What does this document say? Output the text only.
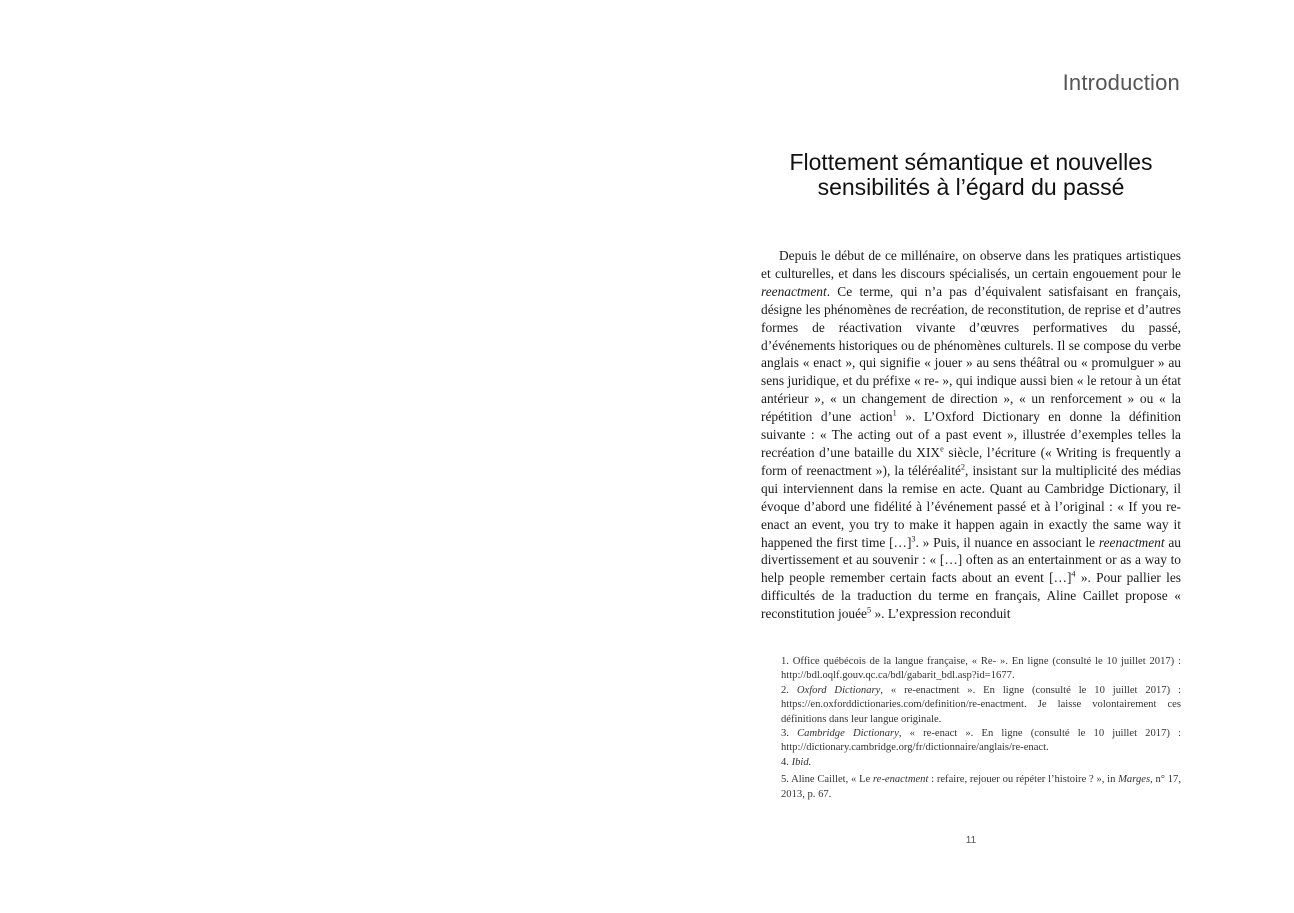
Introduction
Flottement sémantique et nouvelles
sensibilités à l’égard du passé

Depuis le début de ce millénaire, on observe dans les pratiques artistiques et culturelles, et dans les discours spécialisés, un certain engouement pour le reenactment. Ce terme, qui n’a pas d’équivalent satisfaisant en français, désigne les phénomènes de recréation, de reconstitution, de reprise et d’autres formes de réactivation vivante d’œuvres performatives du passé, d’événements historiques ou de phénomènes culturels. Il se compose du verbe anglais « enact », qui signifie « jouer » au sens théâtral ou « promulguer » au sens juridique, et du préfixe « re- », qui indique aussi bien « le retour à un état antérieur », « un changement de direction », « un renforcement » ou « la répétition d’une action$^1$ ». L’Oxford Dictionary en donne la définition suivante : « The acting out of a past event », illustrée d’exemples telles la recréation d’une bataille du XIXe siècle, l’écriture (« Writing is frequently a form of reenactment »), la téléréalité$^2$, insistant sur la multiplicité des médias qui interviennent dans la remise en acte. Quant au Cambridge Dictionary, il évoque d’abord une fidélité à l’événement passé et à l’original : « If you re-enact an event, you try to make it happen again in exactly the same way it happened the first time […]$^3$. » Puis, il nuance en associant le reenactment au divertissement et au souvenir : « […] often as an entertainment or as a way to help people remember certain facts about an event […]$^4$ ». Pour pallier les difficultés de la traduction du terme en français, Aline Caillet propose « reconstitution jouée$^5$ ». L’expression reconduit

1. Office québécois de la langue française, « Re- ». En ligne (consulté le 10 juillet 2017) : http://bdl.oqlf.gouv.qc.ca/bdl/gabarit_bdl.asp?id=1677.
2. Oxford Dictionary, « re-enactment ». En ligne (consulté le 10 juillet 2017) : https://en.oxforddictionaries.com/definition/re-enactment. Je laisse volontairement ces définitions dans leur langue originale.
3. Cambridge Dictionary, « re-enact ». En ligne (consulté le 10 juillet 2017) : http://dictionary.cambridge.org/fr/dictionnaire/anglais/re-enact.
4. Ibid.
5. Aline Caillet, « Le re-enactment : refaire, rejouer ou répéter l’histoire ? », in Marges, n° 17, 2013, p. 67.
11
